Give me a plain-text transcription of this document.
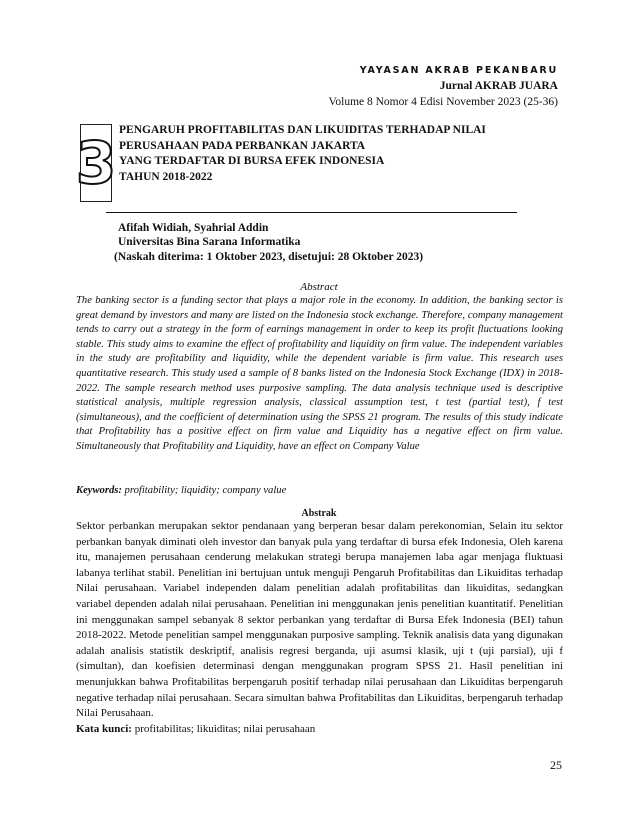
YAYASAN AKRAB PEKANBARU
Jurnal AKRAB JUARA
Volume 8 Nomor 4 Edisi November 2023 (25-36)
3 PENGARUH PROFITABILITAS DAN LIKUIDITAS TERHADAP NILAI
PERUSAHAAN PADA PERBANKAN JAKARTA
YANG TERDAFTAR DI BURSA EFEK INDONESIA
TAHUN 2018-2022
Afifah Widiah, Syahrial Addin
Universitas Bina Sarana Informatika
(Naskah diterima: 1 Oktober 2023, disetujui: 28 Oktober 2023)
Abstract
The banking sector is a funding sector that plays a major role in the economy. In addition, the banking sector is great demand by investors and many are listed on the Indonesia stock exchange. Therefore, company management tends to carry out a strategy in the form of earnings management in order to keep its profit fluctuations looking stable. This study aims to examine the effect of profitability and liquidity on firm value. The independent variables in the study are profitability and liquidity, while the dependent variable is firm value. This research uses quantitative research. This study used a sample of 8 banks listed on the Indonesia Stock Exchange (IDX) in 2018-2022. The sample research method uses purposive sampling. The data analysis technique used is descriptive statistical analysis, multiple regression analysis, classical assumption test, t test (partial test), f test (simultaneous), and the coefficient of determination using the SPSS 21 program. The results of this study indicate that Profitability has a positive effect on firm value and Liquidity has a negative effect on firm value. Simultaneously that Profitability and Liquidity, have an effect on Company Value
Keywords: profitability; liquidity; company value
Abstrak
Sektor perbankan merupakan sektor pendanaan yang berperan besar dalam perekonomian, Selain itu sektor perbankan banyak diminati oleh investor dan banyak pula yang terdaftar di bursa efek Indonesia, Oleh karena itu, manajemen perusahaan cenderung melakukan strategi berupa manajemen laba agar menjaga fluktuasi labanya terlihat stabil. Penelitian ini bertujuan untuk menguji Pengaruh Profitabilitas dan Likuiditas terhadap Nilai perusahaan. Variabel independen dalam penelitian adalah profitabilitas dan likuiditas, sedangkan variabel dependen adalah nilai perusahaan. Penelitian ini menggunakan jenis penelitian kuantitatif. Penelitian ini menggunakan sampel sebanyak 8 sektor perbankan yang terdaftar di Bursa Efek Indonesia (BEI) tahun 2018-2022. Metode penelitian sampel menggunakan purposive sampling. Teknik analisis data yang digunakan adalah analisis statistik deskriptif, analisis regresi berganda, uji asumsi klasik, uji t (uji parsial), uji f (simultan), dan koefisien determinasi dengan menggunakan program SPSS 21. Hasil penelitian ini menunjukkan bahwa Profitabilitas berpengaruh positif terhadap nilai perusahaan dan Likuiditas berpengaruh negative terhadap nilai perusahaan. Secara simultan bahwa Profitabilitas dan Likuiditas, berpengaruh terhadap Nilai Perusahaan.
Kata kunci: profitabilitas; likuiditas; nilai perusahaan
25
